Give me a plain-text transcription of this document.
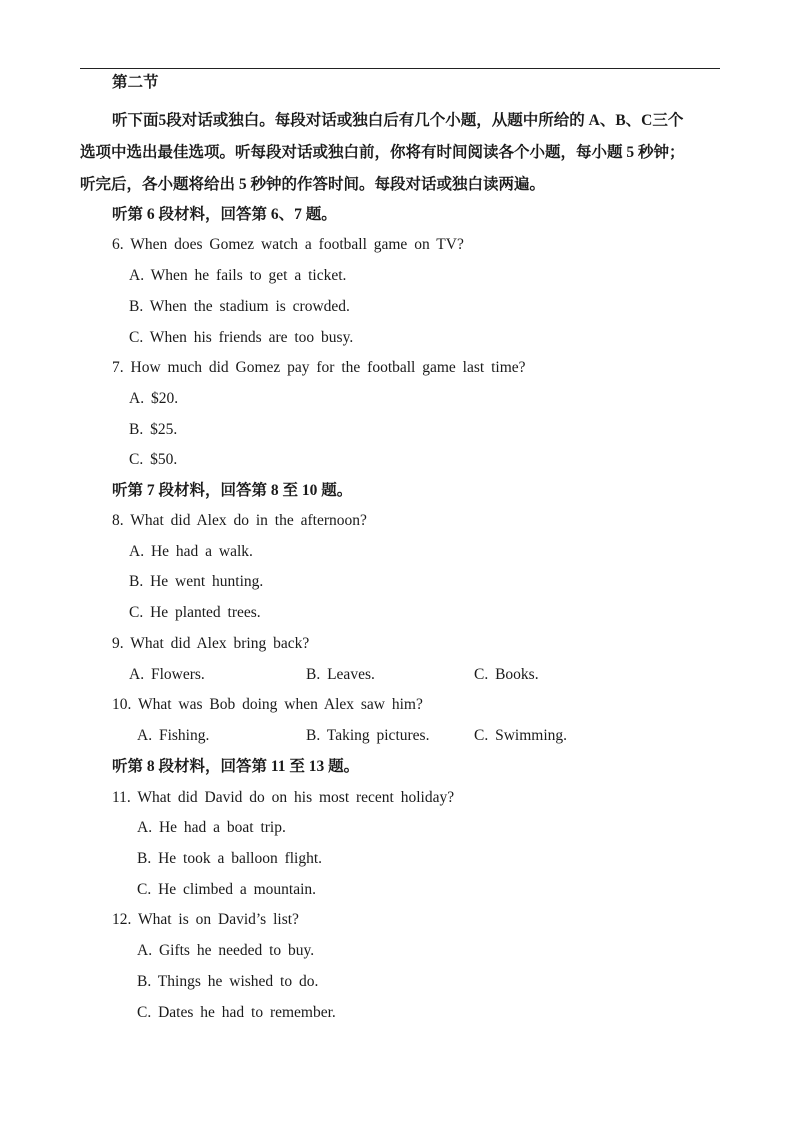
第二节
听下面5段对话或独白。每段对话或独白后有几个小题，从题中所给的 A、B、C三个
选项中选出最佳选项。听每段对话或独白前，你将有时间阅读各个小题，每小题 5 秒钟；
听完后，各小题将给出 5 秒钟的作答时间。每段对话或独白读两遍。
听第 6 段材料，回答第 6、7 题。
6. When does Gomez watch a football game on TV?
A. When he fails to get a ticket.
B. When the stadium is crowded.
C. When his friends are too busy.
7. How much did Gomez pay for the football game last time?
A. $20.
B. $25.
C. $50.
听第 7 段材料，回答第 8 至 10 题。
8. What did Alex do in the afternoon?
A. He had a walk.
B. He went hunting.
C. He planted trees.
9. What did Alex bring back?
A. Flowers.	B. Leaves.	C. Books.
10. What was Bob doing when Alex saw him?
A. Fishing.	B. Taking pictures.	C. Swimming.
听第 8 段材料，回答第 11 至 13 题。
11. What did David do on his most recent holiday?
A. He had a boat trip.
B. He took a balloon flight.
C. He climbed a mountain.
12. What is on David’s list?
A. Gifts he needed to buy.
B. Things he wished to do.
C. Dates he had to remember.
